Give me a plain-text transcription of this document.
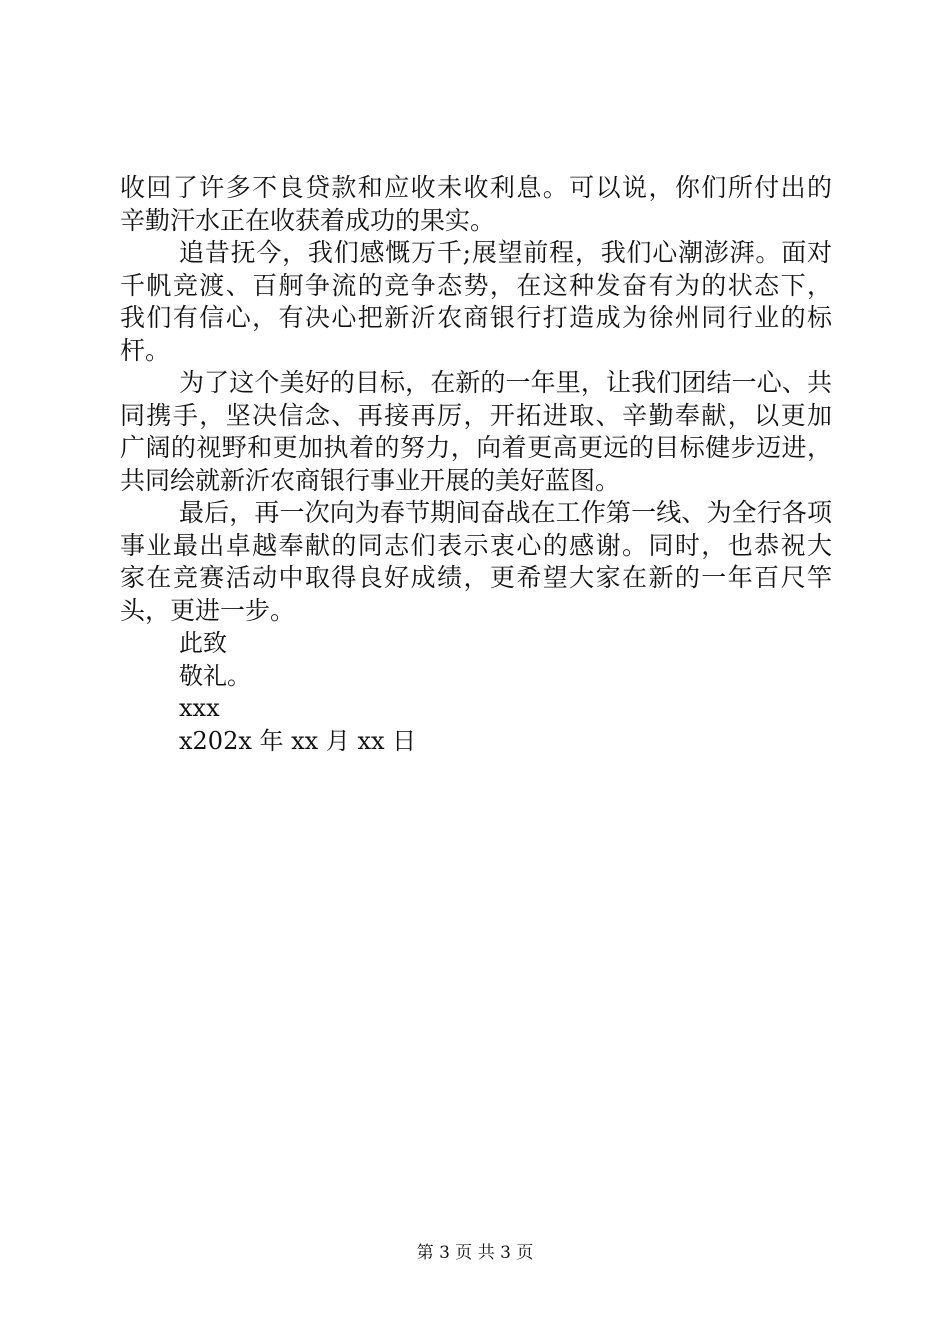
收回了许多不良贷款和应收未收利息。可以说，你们所付出的
辛勤汗水正在收获着成功的果实。
追昔抚今，我们感慨万千;展望前程，我们心潮澎湃。面对
千帆竞渡、百舸争流的竞争态势，在这种发奋有为的状态下，
我们有信心，有决心把新沂农商银行打造成为徐州同行业的标
杆。
为了这个美好的目标，在新的一年里，让我们团结一心、共
同携手，坚决信念、再接再厉，开拓进取、辛勤奉献，以更加
广阔的视野和更加执着的努力，向着更高更远的目标健步迈进，
共同绘就新沂农商银行事业开展的美好蓝图。
最后，再一次向为春节期间奋战在工作第一线、为全行各项
事业最出卓越奉献的同志们表示衷心的感谢。同时，也恭祝大
家在竞赛活动中取得良好成绩，更希望大家在新的一年百尺竿
头，更进一步。
此致
敬礼。
xxx
x202x 年 xx 月 xx 日
第 3 页 共 3 页
